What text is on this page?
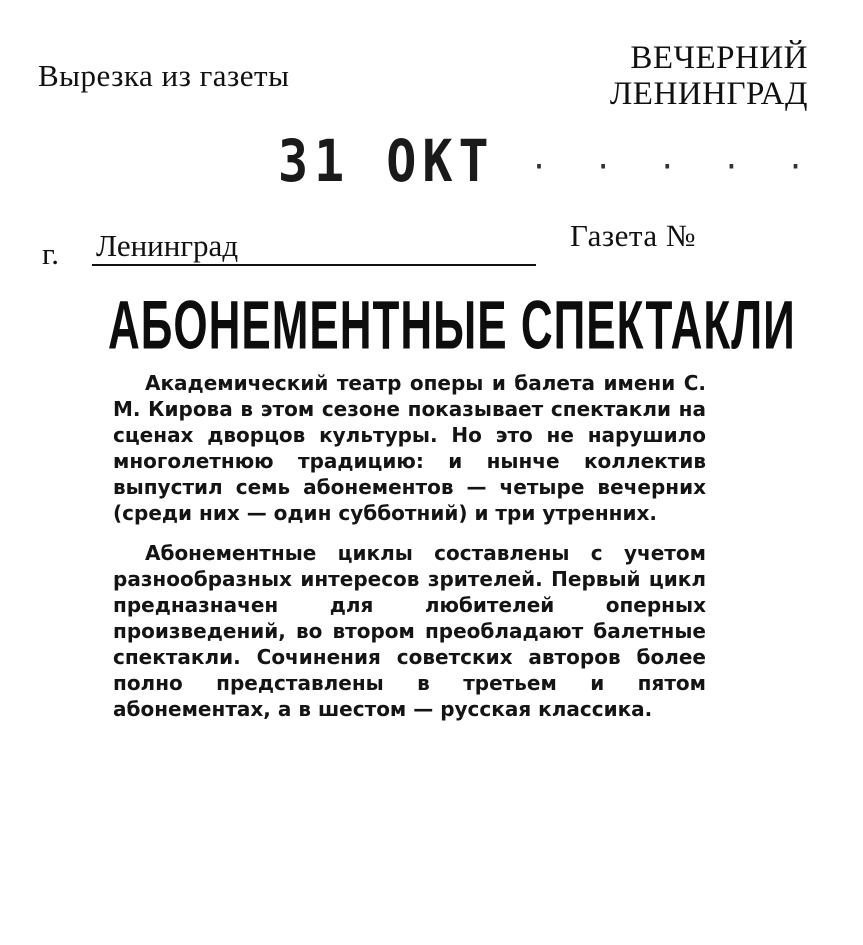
Вырезка из газеты	ВЕЧЕРНИЙ
ЛЕНИНГРАД
31 ОКТ · · · · ·
г. Ленинград	Газета №
АБОНЕМЕНТНЫЕ СПЕКТАКЛИ

Академический театр оперы и балета имени С. М. Кирова в этом сезоне показывает спектакли на сценах дворцов культуры. Но это не нарушило многолетнюю традицию: и нынче коллектив выпустил семь абонементов — четыре вечерних (среди них — один субботний) и три утренних.

Абонементные циклы составлены с учетом разнообразных интересов зрителей. Первый цикл предназначен для любителей оперных произведений, во втором преобладают балетные спектакли. Сочинения советских авторов более полно представлены в третьем и пятом абонементах, а в шестом — русская классика.
